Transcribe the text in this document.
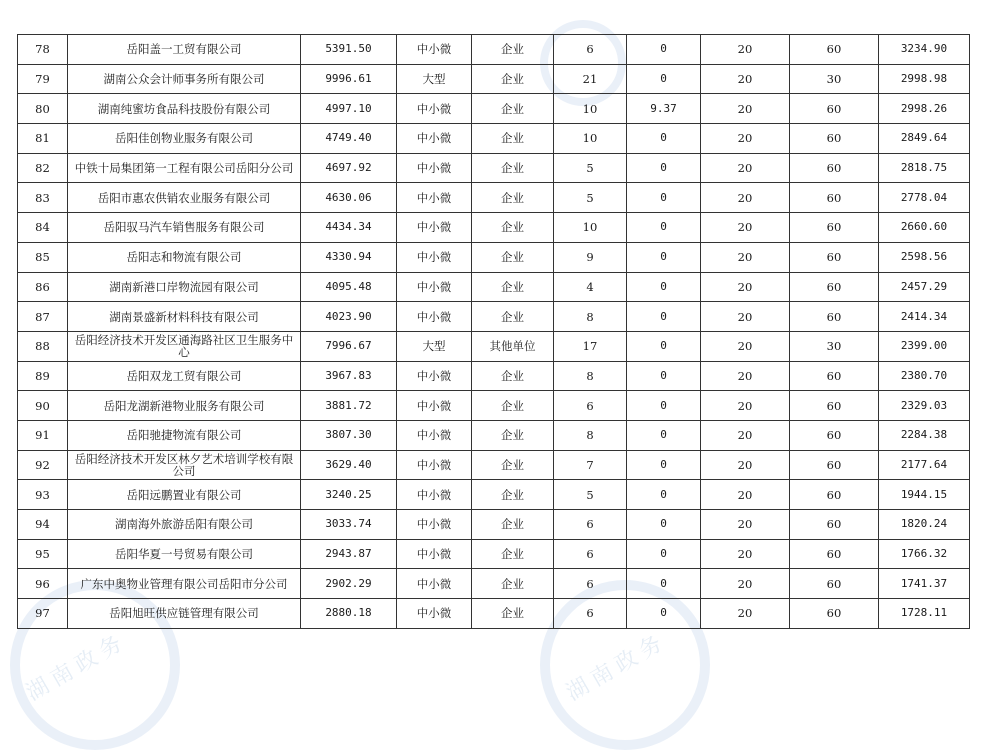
湖南政务	湖南政务
78	岳阳盖一工贸有限公司	5391.50	中小微	企业	6	0	20	60	3234.90
79	湖南公众会计师事务所有限公司	9996.61	大型	企业	21	0	20	30	2998.98
80	湖南纯蜜坊食品科技股份有限公司	4997.10	中小微	企业	10	9.37	20	60	2998.26
81	岳阳佳创物业服务有限公司	4749.40	中小微	企业	10	0	20	60	2849.64
82	中铁十局集团第一工程有限公司岳阳分公司	4697.92	中小微	企业	5	0	20	60	2818.75
83	岳阳市惠农供销农业服务有限公司	4630.06	中小微	企业	5	0	20	60	2778.04
84	岳阳驭马汽车销售服务有限公司	4434.34	中小微	企业	10	0	20	60	2660.60
85	岳阳志和物流有限公司	4330.94	中小微	企业	9	0	20	60	2598.56
86	湖南新港口岸物流园有限公司	4095.48	中小微	企业	4	0	20	60	2457.29
87	湖南景盛新材料科技有限公司	4023.90	中小微	企业	8	0	20	60	2414.34
88	岳阳经济技术开发区通海路社区卫生服务中心	7996.67	大型	其他单位	17	0	20	30	2399.00
89	岳阳双龙工贸有限公司	3967.83	中小微	企业	8	0	20	60	2380.70
90	岳阳龙湖新港物业服务有限公司	3881.72	中小微	企业	6	0	20	60	2329.03
91	岳阳驰捷物流有限公司	3807.30	中小微	企业	8	0	20	60	2284.38
92	岳阳经济技术开发区林夕艺术培训学校有限公司	3629.40	中小微	企业	7	0	20	60	2177.64
93	岳阳远鹏置业有限公司	3240.25	中小微	企业	5	0	20	60	1944.15
94	湖南海外旅游岳阳有限公司	3033.74	中小微	企业	6	0	20	60	1820.24
95	岳阳华夏一号贸易有限公司	2943.87	中小微	企业	6	0	20	60	1766.32
96	广东中奥物业管理有限公司岳阳市分公司	2902.29	中小微	企业	6	0	20	60	1741.37
97	岳阳旭旺供应链管理有限公司	2880.18	中小微	企业	6	0	20	60	1728.11
